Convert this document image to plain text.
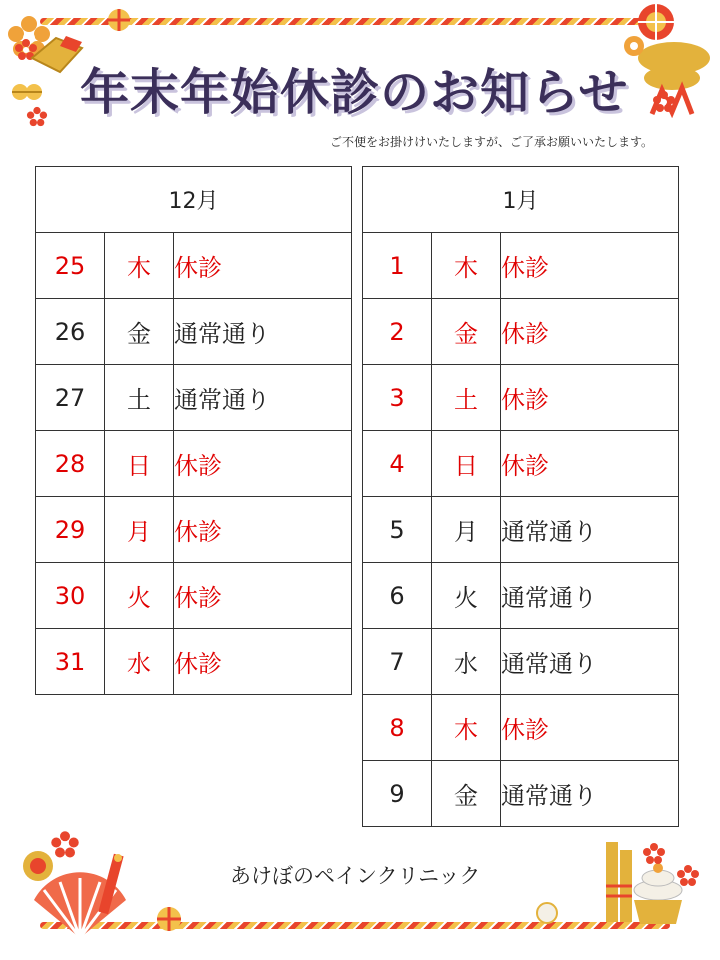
年末年始休診のお知らせ
ご不便をお掛けけいたしますが、ご了承お願いいたします。
12月		
25	木	休診
26	金	通常通り
27	土	通常通り
28	日	休診
29	月	休診
30	火	休診
31	水	休診
1月		
1	木	休診
2	金	休診
3	土	休診
4	日	休診
5	月	通常通り
6	火	通常通り
7	水	通常通り
8	木	休診
9	金	通常通り
あけぼのペインクリニック
